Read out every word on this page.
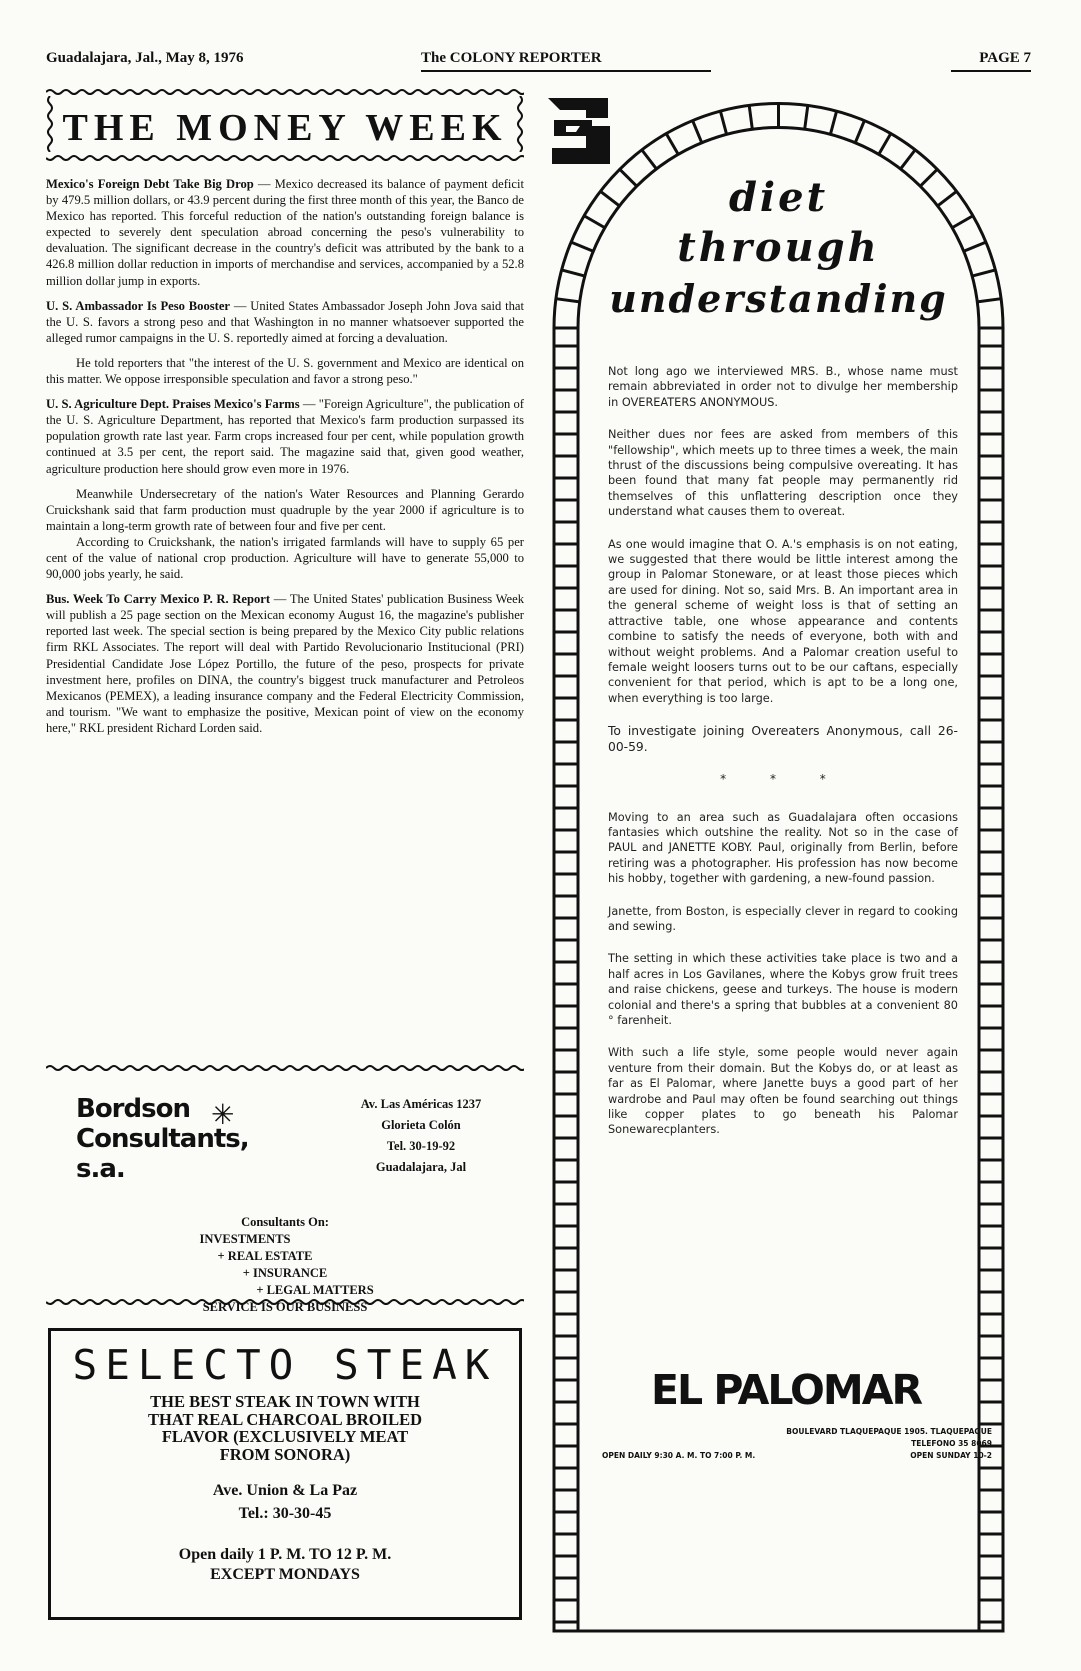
Guadalajara, Jal., May 8, 1976	The COLONY REPORTER	PAGE 7
THE MONEY WEEK

Mexico's Foreign Debt Take Big Drop — Mexico decreased its balance of payment deficit by 479.5 million dollars, or 43.9 percent during the first three month of this year, the Banco de Mexico has reported. This forceful reduction of the nation's outstanding foreign balance is expected to severely dent speculation abroad concerning the peso's vulnerability to devaluation. The significant decrease in the country's deficit was attributed by the bank to a 426.8 million dollar reduction in imports of merchandise and services, accompanied by a 52.8 million dollar jump in exports.

U. S. Ambassador Is Peso Booster — United States Ambassador Joseph John Jova said that the U. S. favors a strong peso and that Washington in no manner whatsoever supported the alleged rumor campaigns in the U. S. reportedly aimed at forcing a devaluation.

He told reporters that "the interest of the U. S. government and Mexico are identical on this matter. We oppose irresponsible speculation and favor a strong peso."

U. S. Agriculture Dept. Praises Mexico's Farms — "Foreign Agriculture", the publication of the U. S. Agriculture Department, has reported that Mexico's farm production surpassed its population growth rate last year. Farm crops increased four per cent, while population growth continued at 3.5 per cent, the report said. The magazine said that, given good weather, agriculture production here should grow even more in 1976.

Meanwhile Undersecretary of the nation's Water Resources and Planning Gerardo Cruickshank said that farm production must quadruple by the year 2000 if agriculture is to maintain a long-term growth rate of between four and five per cent.

According to Cruickshank, the nation's irrigated farmlands will have to supply 65 per cent of the value of national crop production. Agriculture will have to generate 55,000 to 90,000 jobs yearly, he said.

Bus. Week To Carry Mexico P. R. Report — The United States' publication Business Week will publish a 25 page section on the Mexican economy August 16, the magazine's publisher reported last week. The special section is being prepared by the Mexico City public relations firm RKL Associates. The report will deal with Partido Revolucionario Institucional (PRI) Presidential Candidate Jose López Portillo, the future of the peso, prospects for private investment here, profiles on DINA, the country's biggest truck manufacturer and Petroleos Mexicanos (PEMEX), a leading insurance company and the Federal Electricity Commission, and tourism. "We want to emphasize the positive, Mexican point of view on the economy here," RKL president Richard Lorden said.

Bordson
Consultants, s.a.
✳	Av. Las Américas 1237
Glorieta Colón
Tel. 30-19-92
Guadalajara, Jal
Consultants On:
INVESTMENTS
+ REAL ESTATE
+ INSURANCE
+ LEGAL MATTERS
SERVICE IS OUR BUSINESS
SELECTO STEAK
THE BEST STEAK IN TOWN WITH
THAT REAL CHARCOAL BROILED
FLAVOR (EXCLUSIVELY MEAT
FROM SONORA)
Ave. Union & La Paz
Tel.: 30-30-45
Open daily 1 P. M. TO 12 P. M.
EXCEPT MONDAYS
diet
through
understanding

Not long ago we interviewed MRS. B., whose name must remain abbreviated in order not to divulge her membership in OVEREATERS ANONYMOUS.

Neither dues nor fees are asked from members of this "fellowship", which meets up to three times a week, the main thrust of the discussions being compulsive overeating. It has been found that many fat people may permanently rid themselves of this unflattering description once they understand what causes them to overeat.

As one would imagine that O. A.'s emphasis is on not eating, we suggested that there would be little interest among the group in Palomar Stoneware, or at least those pieces which are used for dining. Not so, said Mrs. B. An important area in the general scheme of weight loss is that of setting an attractive table, one whose appearance and contents combine to satisfy the needs of everyone, both with and without weight problems. And a Palomar creation useful to female weight loosers turns out to be our caftans, especially convenient for that period, which is apt to be a long one, when everything is too large.

To investigate joining Overeaters Anonymous, call 26-00-59.

* * *

Moving to an area such as Guadalajara often occasions fantasies which outshine the reality. Not so in the case of PAUL and JANETTE KOBY. Paul, originally from Berlin, before retiring was a photographer. His profession has now become his hobby, together with gardening, a new-found passion.

Janette, from Boston, is especially clever in regard to cooking and sewing.

The setting in which these activities take place is two and a half acres in Los Gavilanes, where the Kobys grow fruit trees and raise chickens, geese and turkeys. The house is modern colonial and there's a spring that bubbles at a convenient 80 ° farenheit.

With such a life style, some people would never again venture from their domain. But the Kobys do, or at least as far as El Palomar, where Janette buys a good part of her wardrobe and Paul may often be found searching out things like copper plates to go beneath his Palomar Sonewarecplanters.

EL PALOMAR
BOULEVARD TLAQUEPAQUE 1905. TLAQUEPAQUE
TELEFONO 35 8069
OPEN DAILY 9:30 A. M. TO 7:00 P. M.	OPEN SUNDAY 10-2
